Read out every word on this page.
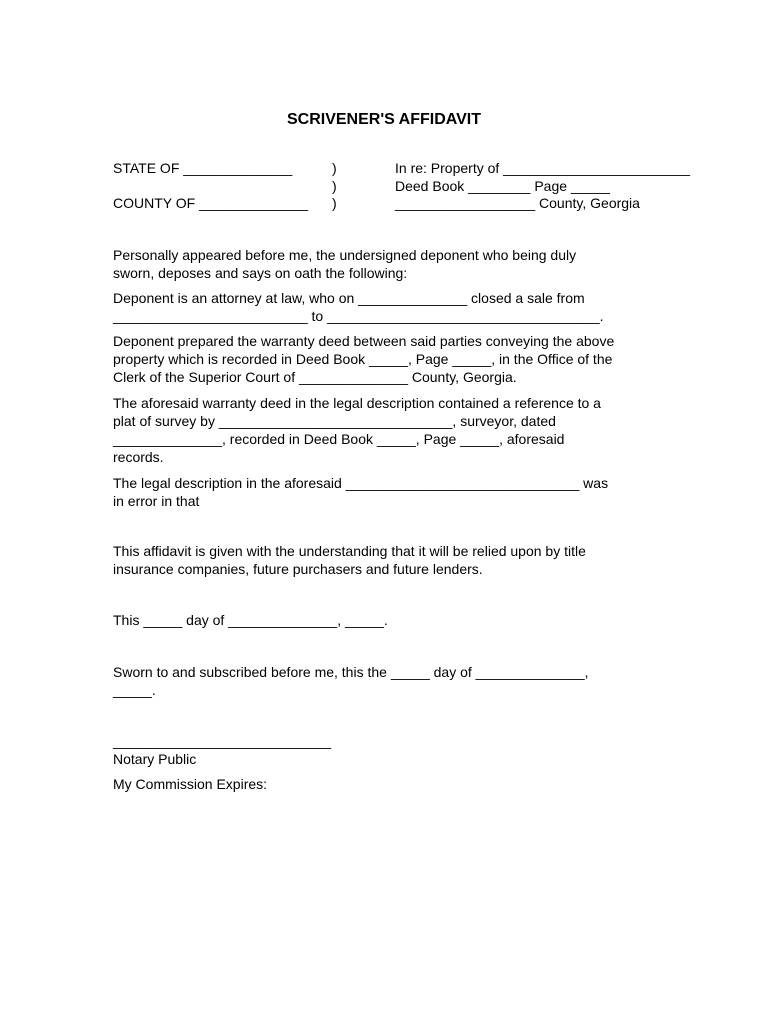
SCRIVENER'S AFFIDAVIT
STATE OF ______________
COUNTY OF ______________
)
)
)
In re: Property of ________________________
Deed Book ________ Page _____
__________________ County, Georgia
Personally appeared before me, the undersigned deponent who being duly
sworn, deposes and says on oath the following:
Deponent is an attorney at law, who on ______________ closed a sale from
_________________________ to ___________________________________.
Deponent prepared the warranty deed between said parties conveying the above
property which is recorded in Deed Book _____, Page _____, in the Office of the
Clerk of the Superior Court of ______________ County, Georgia.
The aforesaid warranty deed in the legal description contained a reference to a
plat of survey by ______________________________, surveyor, dated
______________, recorded in Deed Book _____, Page _____, aforesaid
records.
The legal description in the aforesaid ______________________________ was
in error in that
This affidavit is given with the understanding that it will be relied upon by title
insurance companies, future purchasers and future lenders.
This _____ day of ______________, _____.
Sworn to and subscribed before me, this the _____ day of ______________,
_____.
____________________________
Notary Public
My Commission Expires:
